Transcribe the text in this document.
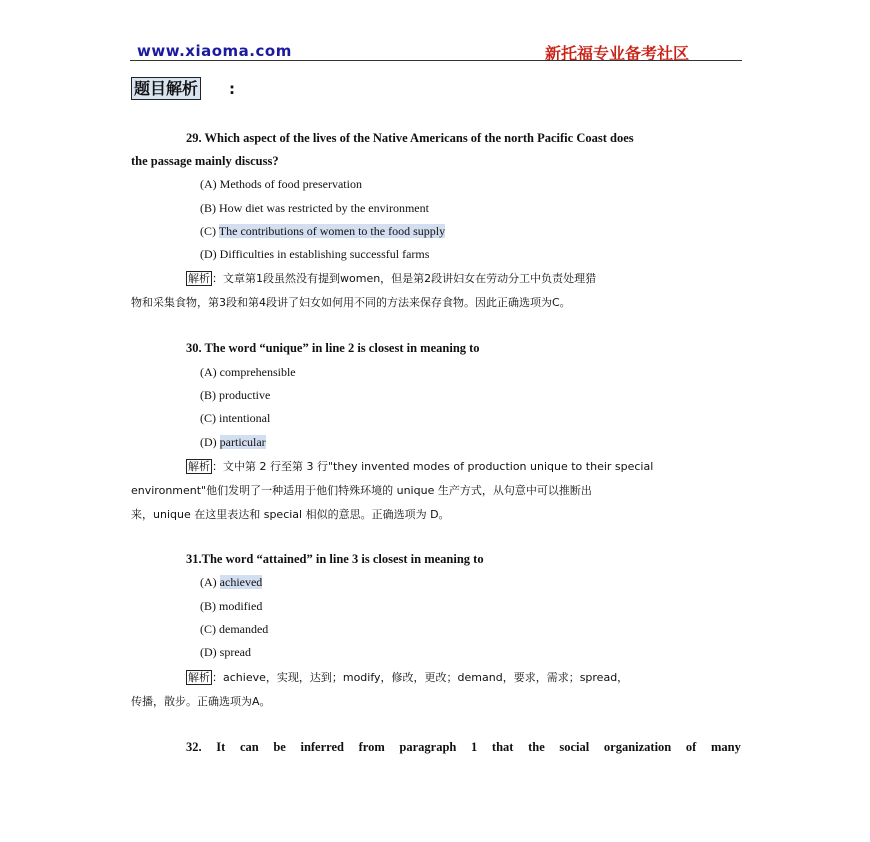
www.xiaoma.com	新托福专业备考社区
题目解析 :
29. Which aspect of the lives of the Native Americans of the north Pacific Coast does
the passage mainly discuss?
(A) Methods of food preservation
(B) How diet was restricted by the environment
(C) The contributions of women to the food supply
(D) Difficulties in establishing successful farms
解析 ：文章第1段虽然没有提到women，但是第2段讲妇女在劳动分工中负责处理猎
物和采集食物，第3段和第4段讲了妇女如何用不同的方法来保存食物。因此正确选项为C。
30. The word “unique” in line 2 is closest in meaning to
(A) comprehensible
(B) productive
(C) intentional
(D) particular
解析 ：文中第 2 行至第 3 行"they invented modes of production unique to their special
environment"他们发明了一种适用于他们特殊环境的 unique 生产方式，从句意中可以推断出
来，unique 在这里表达和 special 相似的意思。正确选项为 D。
31.The word “attained” in line 3 is closest in meaning to
(A) achieved
(B) modified
(C) demanded
(D) spread
解析 ：achieve，实现，达到；modify，修改，更改；demand，要求，需求；spread，
传播，散步。正确选项为A。
32. It can be inferred from paragraph 1 that the social organization of many
